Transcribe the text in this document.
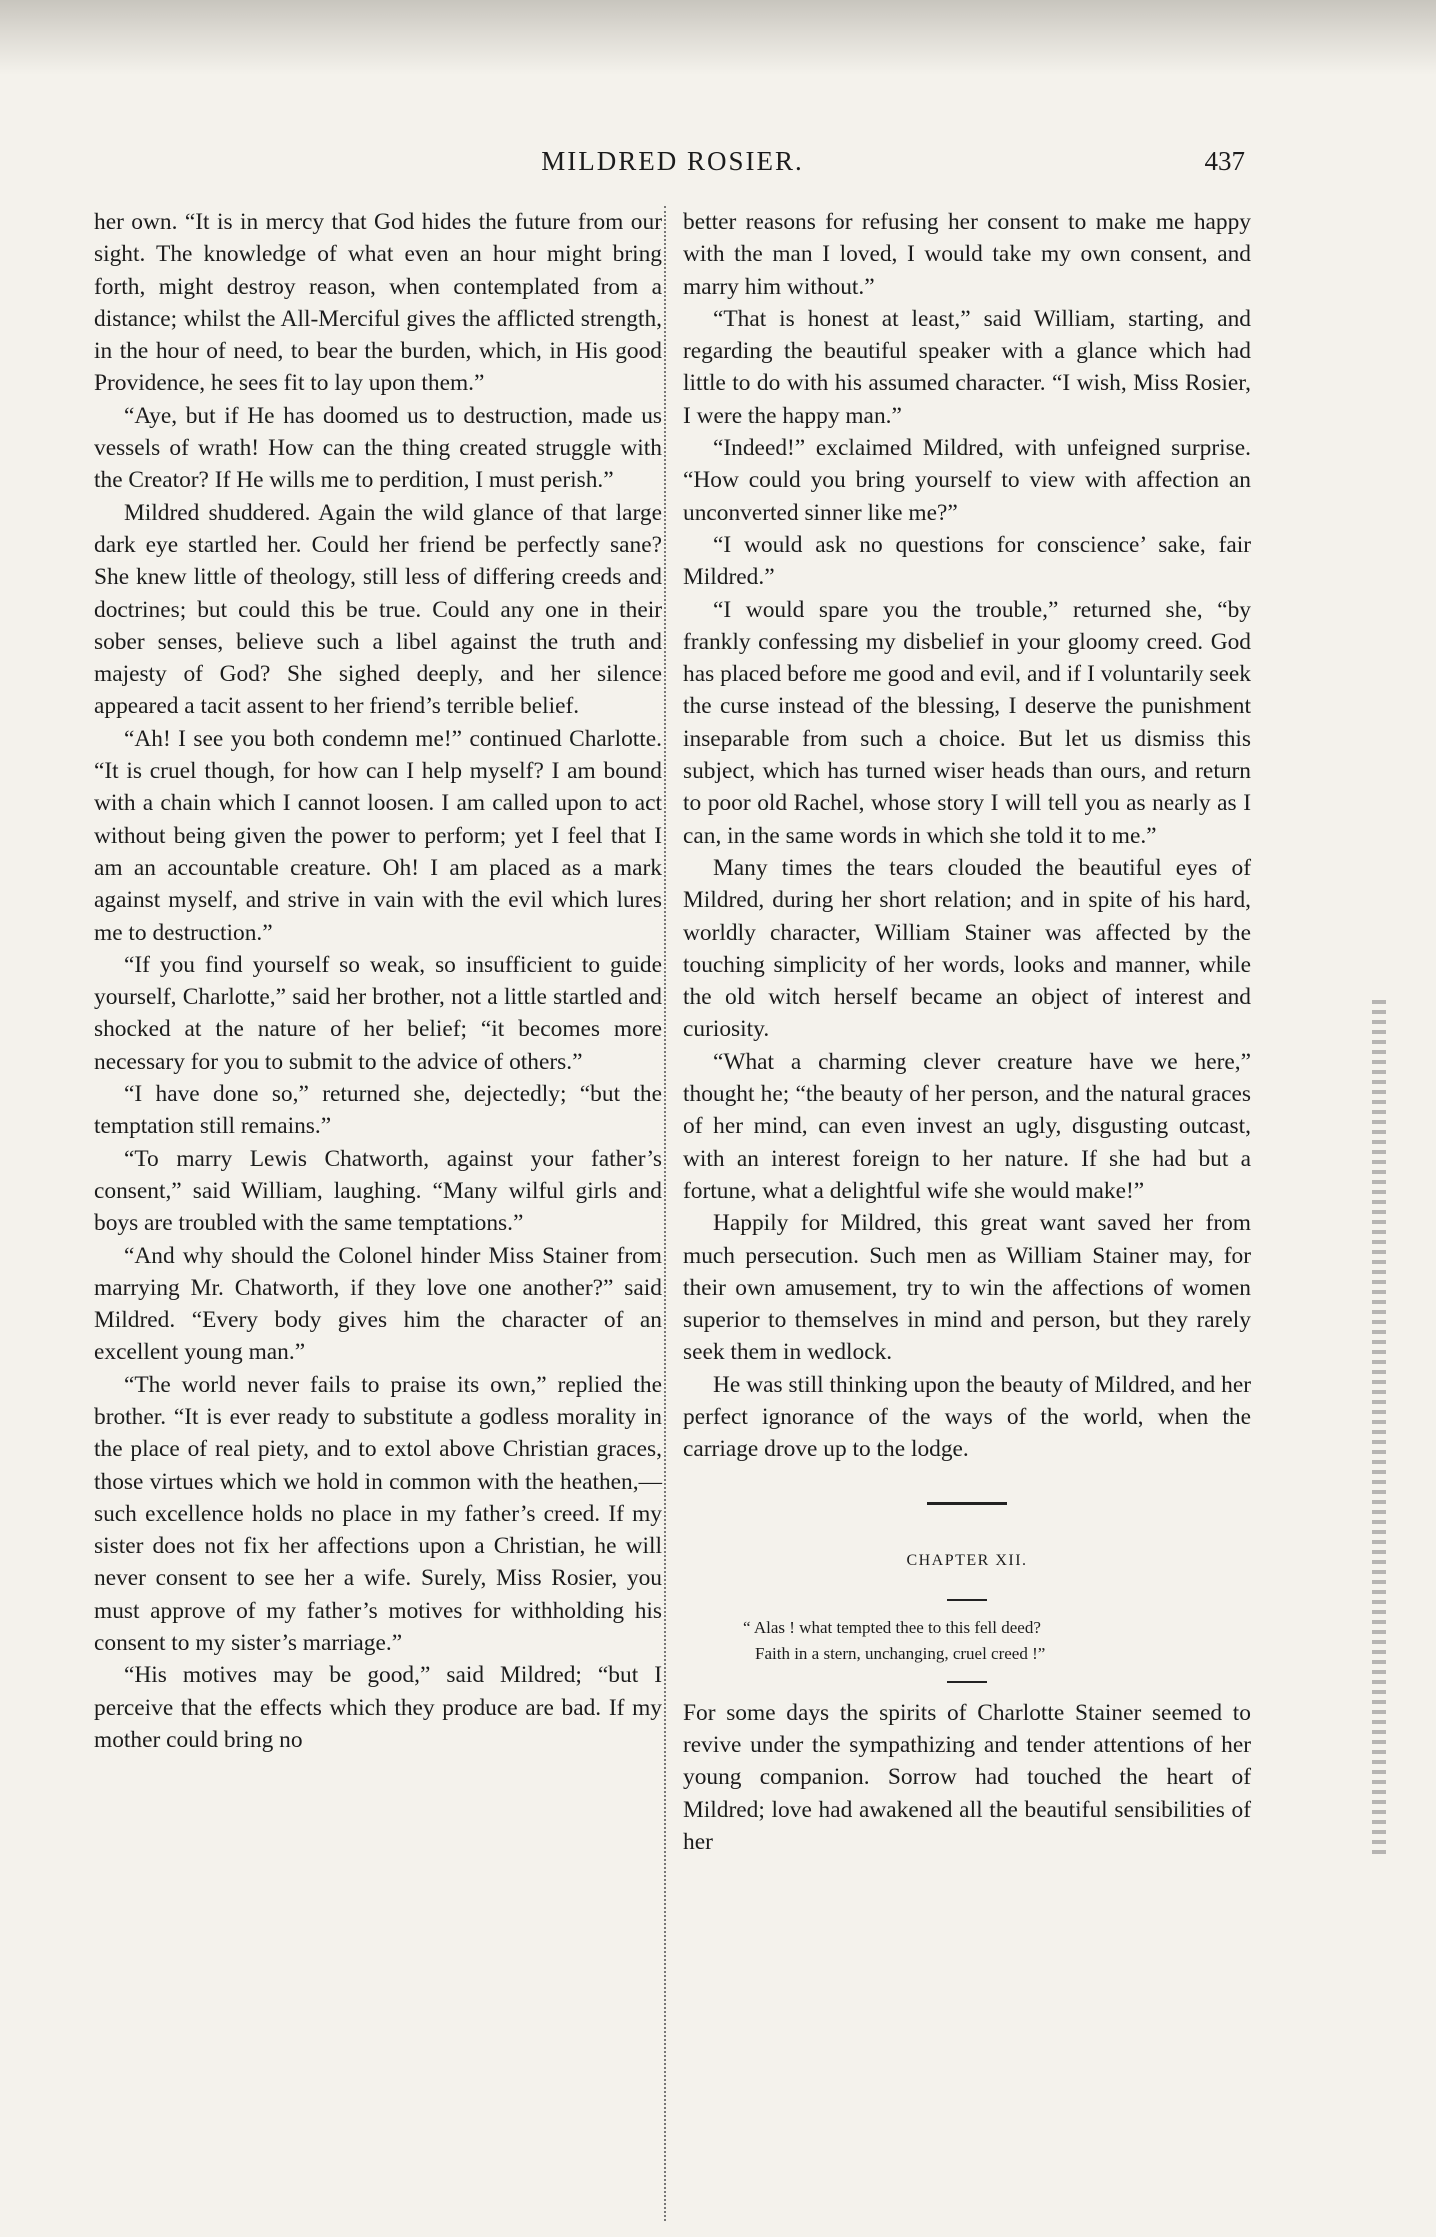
MILDRED ROSIER.	437

her own. “It is in mercy that God hides the future from our sight. The knowledge of what even an hour might bring forth, might destroy reason, when contemplated from a distance; whilst the All-Merciful gives the afflicted strength, in the hour of need, to bear the burden, which, in His good Providence, he sees fit to lay upon them.”

“Aye, but if He has doomed us to destruction, made us vessels of wrath! How can the thing created struggle with the Creator? If He wills me to perdition, I must perish.”

Mildred shuddered. Again the wild glance of that large dark eye startled her. Could her friend be perfectly sane? She knew little of theology, still less of differing creeds and doctrines; but could this be true. Could any one in their sober senses, believe such a libel against the truth and majesty of God? She sighed deeply, and her silence appeared a tacit assent to her friend’s terrible belief.

“Ah! I see you both condemn me!” continued Charlotte. “It is cruel though, for how can I help myself? I am bound with a chain which I cannot loosen. I am called upon to act without being given the power to perform; yet I feel that I am an accountable creature. Oh! I am placed as a mark against myself, and strive in vain with the evil which lures me to destruction.”

“If you find yourself so weak, so insufficient to guide yourself, Charlotte,” said her brother, not a little startled and shocked at the nature of her belief; “it becomes more necessary for you to submit to the advice of others.”

“I have done so,” returned she, dejectedly; “but the temptation still remains.”

“To marry Lewis Chatworth, against your father’s consent,” said William, laughing. “Many wilful girls and boys are troubled with the same temptations.”

“And why should the Colonel hinder Miss Stainer from marrying Mr. Chatworth, if they love one another?” said Mildred. “Every body gives him the character of an excellent young man.”

“The world never fails to praise its own,” replied the brother. “It is ever ready to substitute a godless morality in the place of real piety, and to extol above Christian graces, those virtues which we hold in common with the heathen,—such excellence holds no place in my father’s creed. If my sister does not fix her affections upon a Christian, he will never consent to see her a wife. Surely, Miss Rosier, you must approve of my father’s motives for withholding his consent to my sister’s marriage.”

“His motives may be good,” said Mildred; “but I perceive that the effects which they produce are bad. If my mother could bring no

better reasons for refusing her consent to make me happy with the man I loved, I would take my own consent, and marry him without.”

“That is honest at least,” said William, starting, and regarding the beautiful speaker with a glance which had little to do with his assumed character. “I wish, Miss Rosier, I were the happy man.”

“Indeed!” exclaimed Mildred, with unfeigned surprise. “How could you bring yourself to view with affection an unconverted sinner like me?”

“I would ask no questions for conscience’ sake, fair Mildred.”

“I would spare you the trouble,” returned she, “by frankly confessing my disbelief in your gloomy creed. God has placed before me good and evil, and if I voluntarily seek the curse instead of the blessing, I deserve the punishment inseparable from such a choice. But let us dismiss this subject, which has turned wiser heads than ours, and return to poor old Rachel, whose story I will tell you as nearly as I can, in the same words in which she told it to me.”

Many times the tears clouded the beautiful eyes of Mildred, during her short relation; and in spite of his hard, worldly character, William Stainer was affected by the touching simplicity of her words, looks and manner, while the old witch herself became an object of interest and curiosity.

“What a charming clever creature have we here,” thought he; “the beauty of her person, and the natural graces of her mind, can even invest an ugly, disgusting outcast, with an interest foreign to her nature. If she had but a fortune, what a delightful wife she would make!”

Happily for Mildred, this great want saved her from much persecution. Such men as William Stainer may, for their own amusement, try to win the affections of women superior to themselves in mind and person, but they rarely seek them in wedlock.

He was still thinking upon the beauty of Mildred, and her perfect ignorance of the ways of the world, when the carriage drove up to the lodge.

CHAPTER XII.
“ Alas ! what tempted thee to this fell deed?
Faith in a stern, unchanging, cruel creed !”

For some days the spirits of Charlotte Stainer seemed to revive under the sympathizing and tender attentions of her young companion. Sorrow had touched the heart of Mildred; love had awakened all the beautiful sensibilities of her
